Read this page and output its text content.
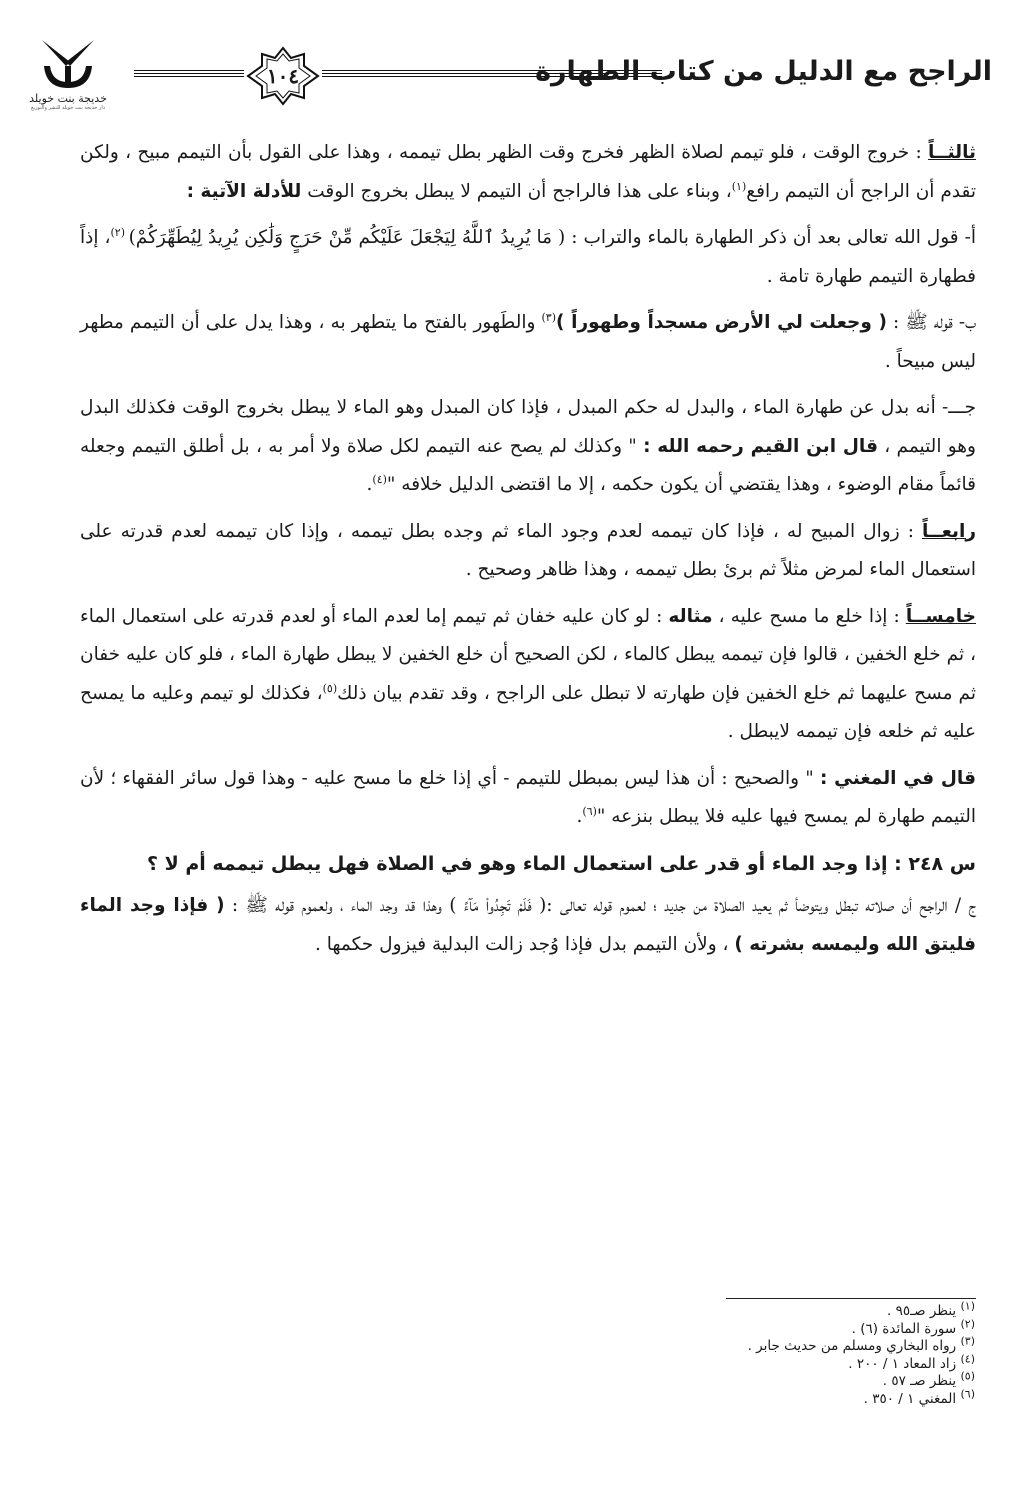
خديجة بنت خويلد
دار خديجة بنت خويلد للنشر والتوزيع
١٠٤	الراجح مع الدليل من كتاب الطهارة

ثالثــاً : خروج الوقت ، فلو تيمم لصلاة الظهر فخرج وقت الظهر بطل تيممه ، وهذا على القول بأن التيمم مبيح ، ولكن تقدم أن الراجح أن التيمم رافع$^{(١)}$، وبناء على هذا فالراجح أن التيمم لا يبطل بخروج الوقت للأدلة الآتية :

أ- قول الله تعالى بعد أن ذكر الطهارة بالماء والتراب : ( مَا يُرِيدُ ٱللَّهُ لِيَجْعَلَ عَلَيْكُم مِّنْ حَرَجٍ وَلَٰكِن يُرِيدُ لِيُطَهِّرَكُمْ) $^{(٢)}$، إذاً فطهارة التيمم طهارة تامة .

ب- قوله ﷺ : ( وجعلت لي الأرض مسجداً وطهوراً )$^{(٣)}$ والطَهور بالفتح ما يتطهر به ، وهذا يدل على أن التيمم مطهر ليس مبيحاً .

جـــ- أنه بدل عن طهارة الماء ، والبدل له حكم المبدل ، فإذا كان المبدل وهو الماء لا يبطل بخروج الوقت فكذلك البدل وهو التيمم ، قال ابن القيم رحمه الله : " وكذلك لم يصح عنه التيمم لكل صلاة ولا أمر به ، بل أطلق التيمم وجعله قائماً مقام الوضوء ، وهذا يقتضي أن يكون حكمه ، إلا ما اقتضى الدليل خلافه "$^{(٤)}$.

رابعــاً : زوال المبيح له ، فإذا كان تيممه لعدم وجود الماء ثم وجده بطل تيممه ، وإذا كان تيممه لعدم قدرته على استعمال الماء لمرض مثلاً ثم برئ بطل تيممه ، وهذا ظاهر وصحيح .

خامســاً : إذا خلع ما مسح عليه ، مثاله : لو كان عليه خفان ثم تيمم إما لعدم الماء أو لعدم قدرته على استعمال الماء ، ثم خلع الخفين ، قالوا فإن تيممه يبطل كالماء ، لكن الصحيح أن خلع الخفين لا يبطل طهارة الماء ، فلو كان عليه خفان ثم مسح عليهما ثم خلع الخفين فإن طهارته لا تبطل على الراجح ، وقد تقدم بيان ذلك$^{(٥)}$، فكذلك لو تيمم وعليه ما يمسح عليه ثم خلعه فإن تيممه لايبطل .

قال في المغني : " والصحيح : أن هذا ليس بمبطل للتيمم - أي إذا خلع ما مسح عليه - وهذا قول سائر الفقهاء ؛ لأن التيمم طهارة لم يمسح فيها عليه فلا يبطل بنزعه "$^{(٦)}$.

س ٢٤٨ : إذا وجد الماء أو قدر على استعمال الماء وهو في الصلاة فهل يبطل تيممه أم لا ؟

ج / الراجح أن صلاته تبطل ويتوضأ ثم يعيد الصلاة من جديد ؛ لعموم قوله تعالى :( فَلَمْ تَجِدُواْ مَآءً ) وهذا قد وجد الماء ، ولعموم قوله ﷺ : ( فإذا وجد الماء فليتق الله وليمسه بشرته ) ، ولأن التيمم بدل فإذا وُجد زالت البدلية فيزول حكمها .

$^{(١)}$ ينظر صـ٩٥ .
$^{(٢)}$ سورة المائدة (٦) .
$^{(٣)}$ رواه البخاري ومسلم من حديث جابر .
$^{(٤)}$ زاد المعاد ١ / ٢٠٠ .
$^{(٥)}$ ينظر صـ ٥٧ .
$^{(٦)}$ المغني ١ / ٣٥٠ .
